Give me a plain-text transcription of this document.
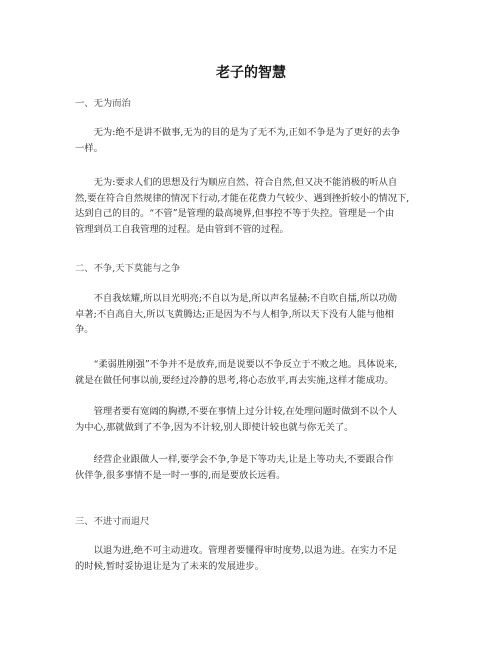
老子的智慧
一、无为而治
　　无为:绝不是讲不做事,无为的目的是为了无不为,正如不争是为了更好的去争
一样。
　　无为:要求人们的思想及行为顺应自然、符合自然,但又决不能消极的听从自
然,要在符合自然规律的情况下行动,才能在花费力气较少、遇到挫折较小的情况下,
达到自己的目的。“不管”是管理的最高境界,但事控不等于失控。管理是一个由
管理到员工自我管理的过程。是由管到不管的过程。
二、不争,天下莫能与之争
　　不自我炫耀,所以目光明亮;不自以为是,所以声名显赫;不自吹自擂,所以功勋
卓著;不自高自大,所以飞黄腾达;正是因为不与人相争,所以天下没有人能与他相
争。
　　“柔弱胜刚强”不争并不是放弃,而是说要以不争反立于不败之地。具体说来,
就是在做任何事以前,要经过冷静的思考,将心态放平,再去实施,这样才能成功。
　　管理者要有宽阔的胸襟,不要在事情上过分计较,在处理问题时做到不以个人
为中心,那就做到了不争,因为不计较,别人即使计较也就与你无关了。
　　经营企业跟做人一样,要学会不争,争是下等功夫,让是上等功夫,不要跟合作
伙伴争,很多事情不是一时一事的,而是要放长远看。
三、不进寸而退尺
　　以退为进,绝不可主动进攻。管理者要懂得审时度势,以退为进。在实力不足
的时候,暂时妥协退让是为了未来的发展进步。
